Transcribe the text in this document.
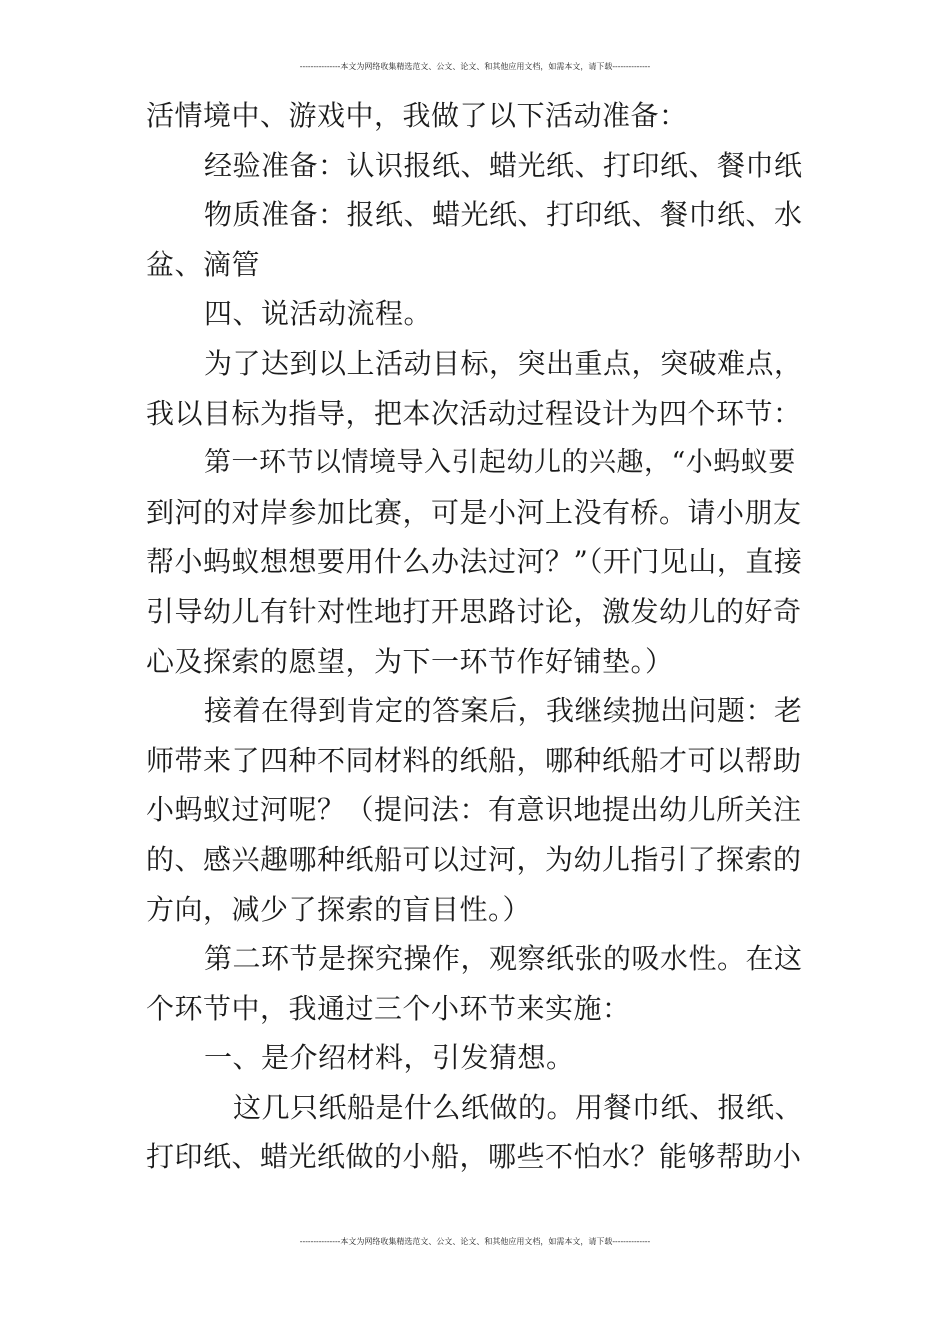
---------------本文为网络收集精选范文、公文、论文、和其他应用文档，如需本文，请下载--------------
活情境中、游戏中，我做了以下活动准备：
经验准备：认识报纸、蜡光纸、打印纸、餐巾纸
物质准备：报纸、蜡光纸、打印纸、餐巾纸、水
盆、滴管
四、说活动流程。
为了达到以上活动目标，突出重点，突破难点，
我以目标为指导，把本次活动过程设计为四个环节：
第一环节以情境导入引起幼儿的兴趣，“小蚂蚁要
到河的对岸参加比赛，可是小河上没有桥。请小朋友
帮小蚂蚁想想要用什么办法过河？”（开门见山，直接
引导幼儿有针对性地打开思路讨论，激发幼儿的好奇
心及探索的愿望，为下一环节作好铺垫。）
接着在得到肯定的答案后，我继续抛出问题：老
师带来了四种不同材料的纸船，哪种纸船才可以帮助
小蚂蚁过河呢？（提问法：有意识地提出幼儿所关注
的、感兴趣哪种纸船可以过河，为幼儿指引了探索的
方向，减少了探索的盲目性。）
第二环节是探究操作，观察纸张的吸水性。在这
个环节中，我通过三个小环节来实施：
一、是介绍材料，引发猜想。
这几只纸船是什么纸做的。用餐巾纸、报纸、
打印纸、蜡光纸做的小船，哪些不怕水？能够帮助小
---------------本文为网络收集精选范文、公文、论文、和其他应用文档，如需本文，请下载--------------
